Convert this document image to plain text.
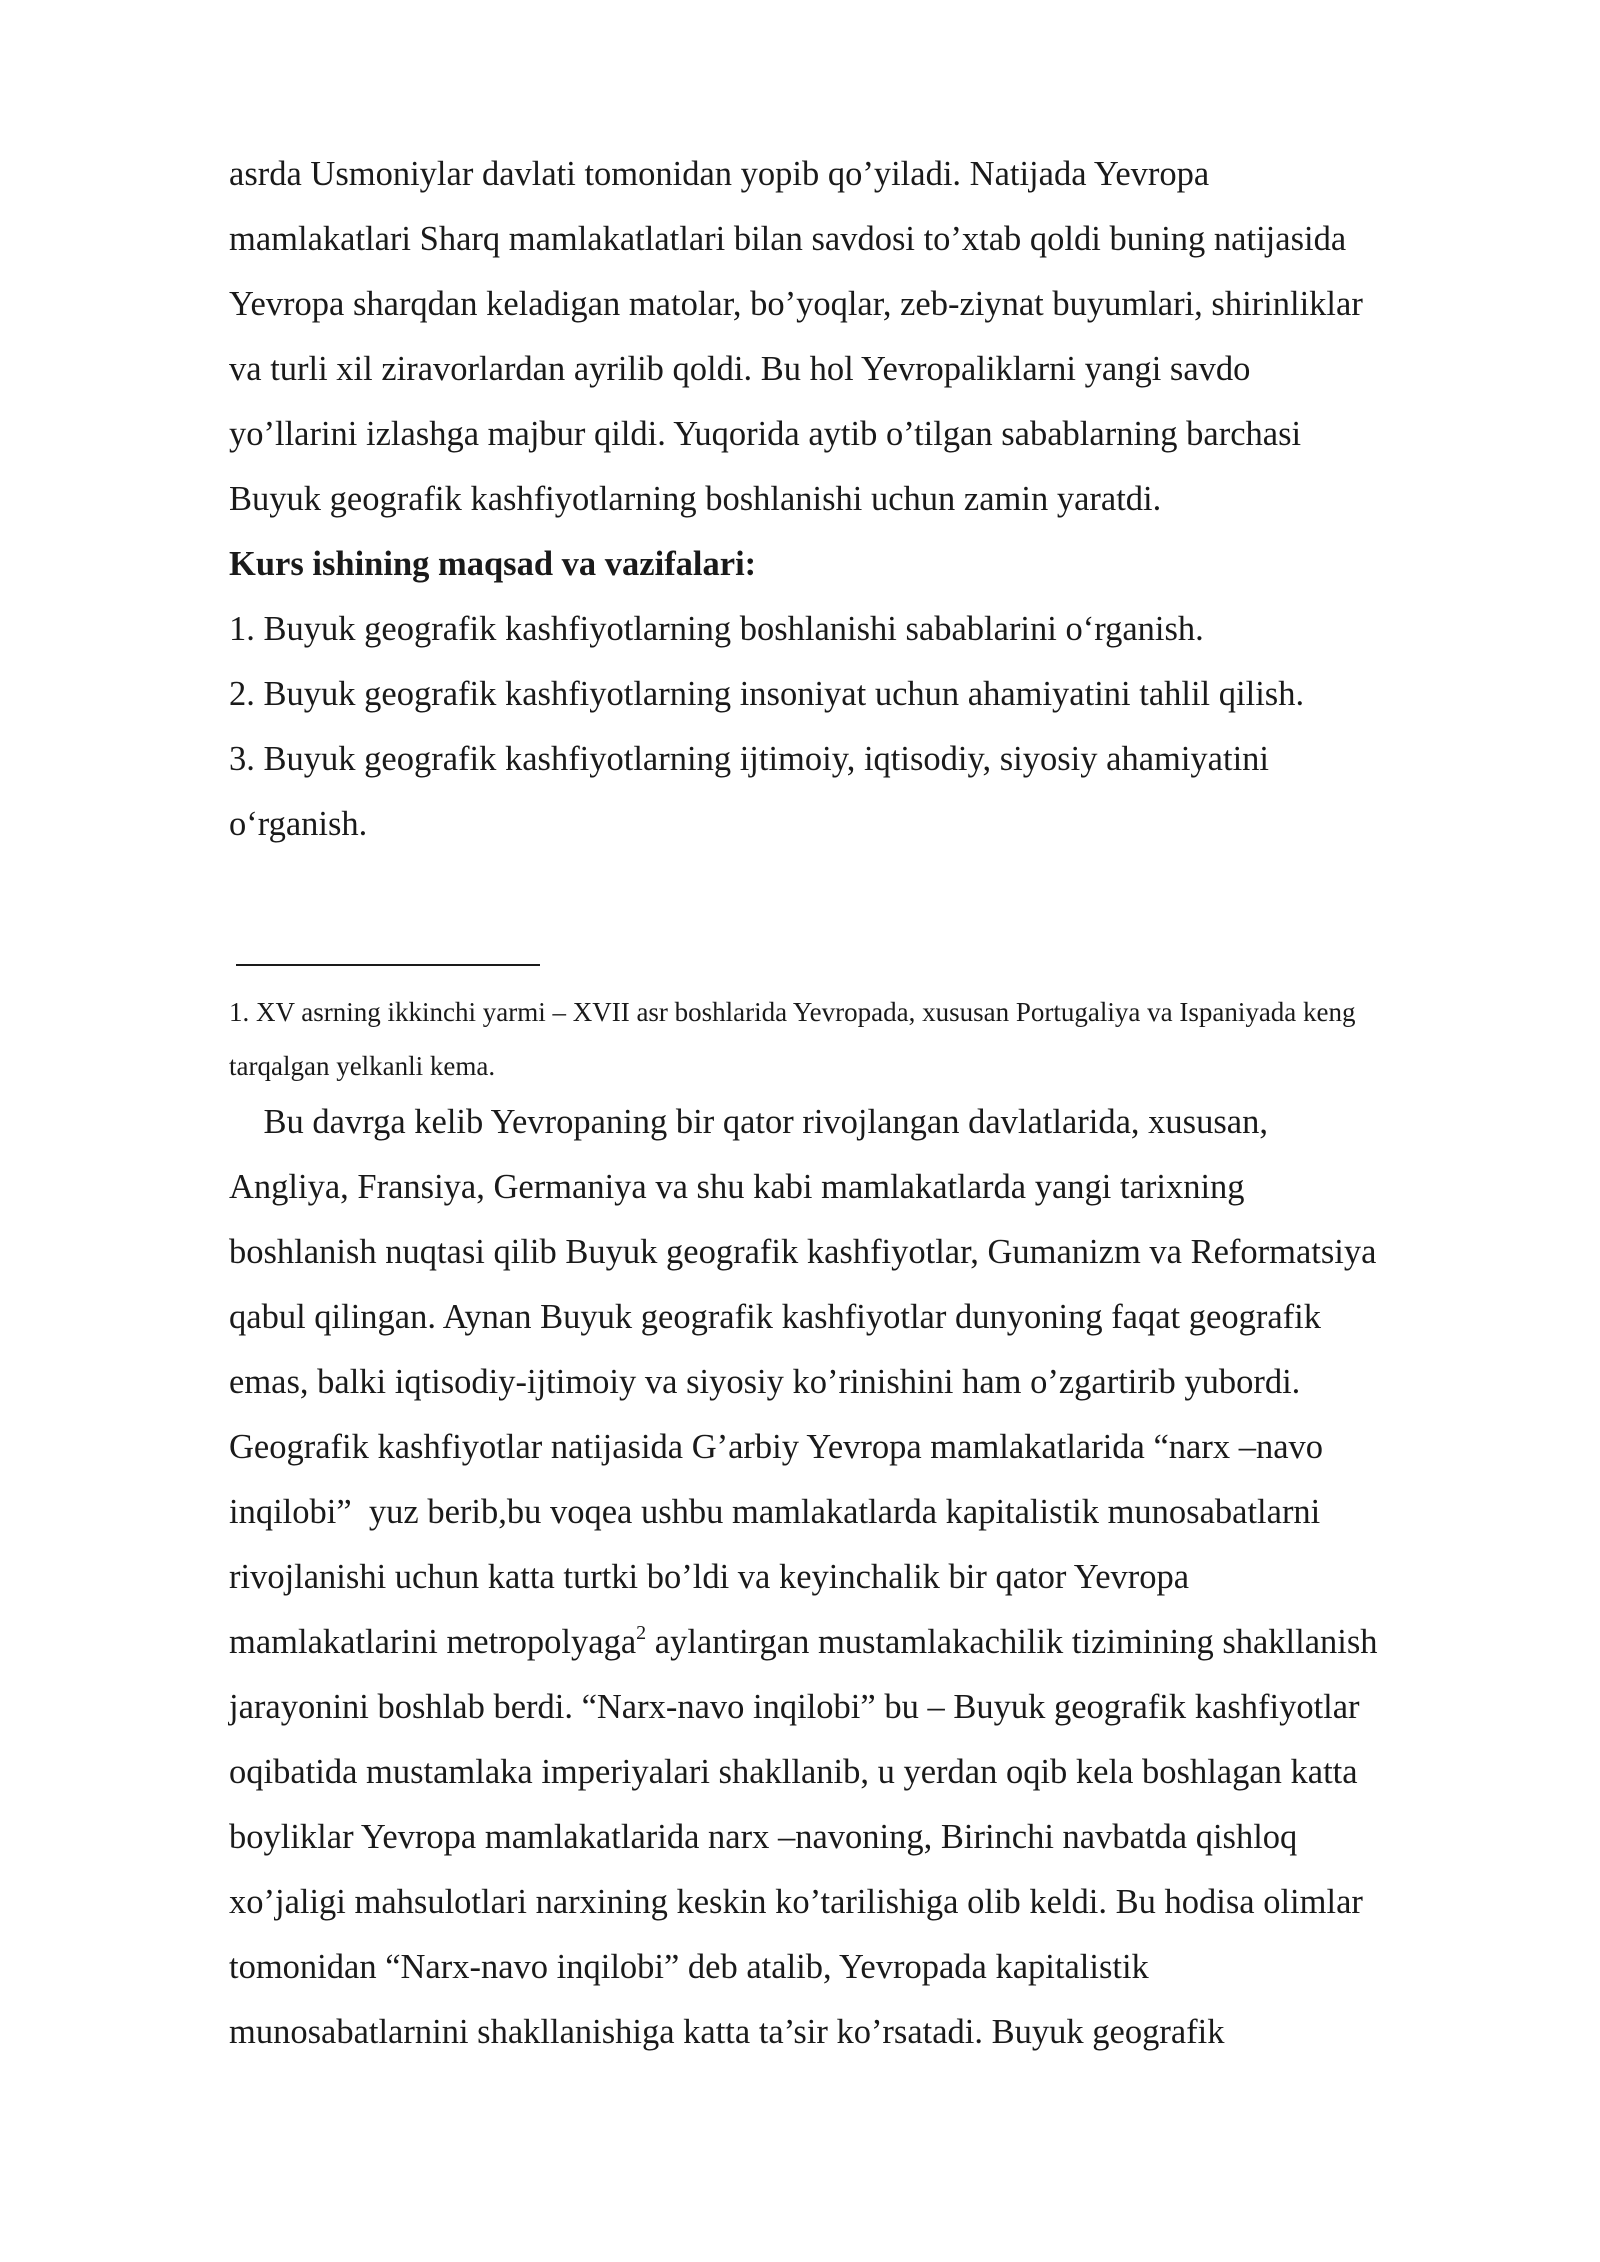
asrda Usmoniylar davlati tomonidan yopib qo’yiladi. Natijada Yevropa

mamlakatlari Sharq mamlakatlatlari bilan savdosi to’xtab qoldi buning natijasida

Yevropa sharqdan keladigan matolar, bo’yoqlar, zeb-ziynat buyumlari, shirinliklar

va turli xil ziravorlardan ayrilib qoldi. Bu hol Yevropaliklarni yangi savdo

yo’llarini izlashga majbur qildi. Yuqorida aytib o’tilgan sabablarning barchasi

Buyuk geografik kashfiyotlarning boshlanishi uchun zamin yaratdi.

Kurs ishining maqsad va vazifalari:

1. Buyuk geografik kashfiyotlarning boshlanishi sabablarini o‘rganish.

2. Buyuk geografik kashfiyotlarning insoniyat uchun ahamiyatini tahlil qilish.

3. Buyuk geografik kashfiyotlarning ijtimoiy, iqtisodiy, siyosiy ahamiyatini

o‘rganish.

1. XV asrning ikkinchi yarmi – XVII asr boshlarida Yevropada, xususan Portugaliya va Ispaniyada keng

tarqalgan yelkanli kema.

Bu davrga kelib Yevropaning bir qator rivojlangan davlatlarida, xususan,

Angliya, Fransiya, Germaniya va shu kabi mamlakatlarda yangi tarixning

boshlanish nuqtasi qilib Buyuk geografik kashfiyotlar, Gumanizm va Reformatsiya

qabul qilingan. Aynan Buyuk geografik kashfiyotlar dunyoning faqat geografik

emas, balki iqtisodiy-ijtimoiy va siyosiy ko’rinishini ham o’zgartirib yubordi.

Geografik kashfiyotlar natijasida G’arbiy Yevropa mamlakatlarida “narx –navo

inqilobi”  yuz berib,bu voqea ushbu mamlakatlarda kapitalistik munosabatlarni

rivojlanishi uchun katta turtki bo’ldi va keyinchalik bir qator Yevropa

mamlakatlarini metropolyaga$^2$ aylantirgan mustamlakachilik tizimining shakllanish

jarayonini boshlab berdi. “Narx-navo inqilobi” bu – Buyuk geografik kashfiyotlar

oqibatida mustamlaka imperiyalari shakllanib, u yerdan oqib kela boshlagan katta

boyliklar Yevropa mamlakatlarida narx –navoning, Birinchi navbatda qishloq

xo’jaligi mahsulotlari narxining keskin ko’tarilishiga olib keldi. Bu hodisa olimlar

tomonidan “Narx-navo inqilobi” deb atalib, Yevropada kapitalistik

munosabatlarnini shakllanishiga katta ta’sir ko’rsatadi. Buyuk geografik
